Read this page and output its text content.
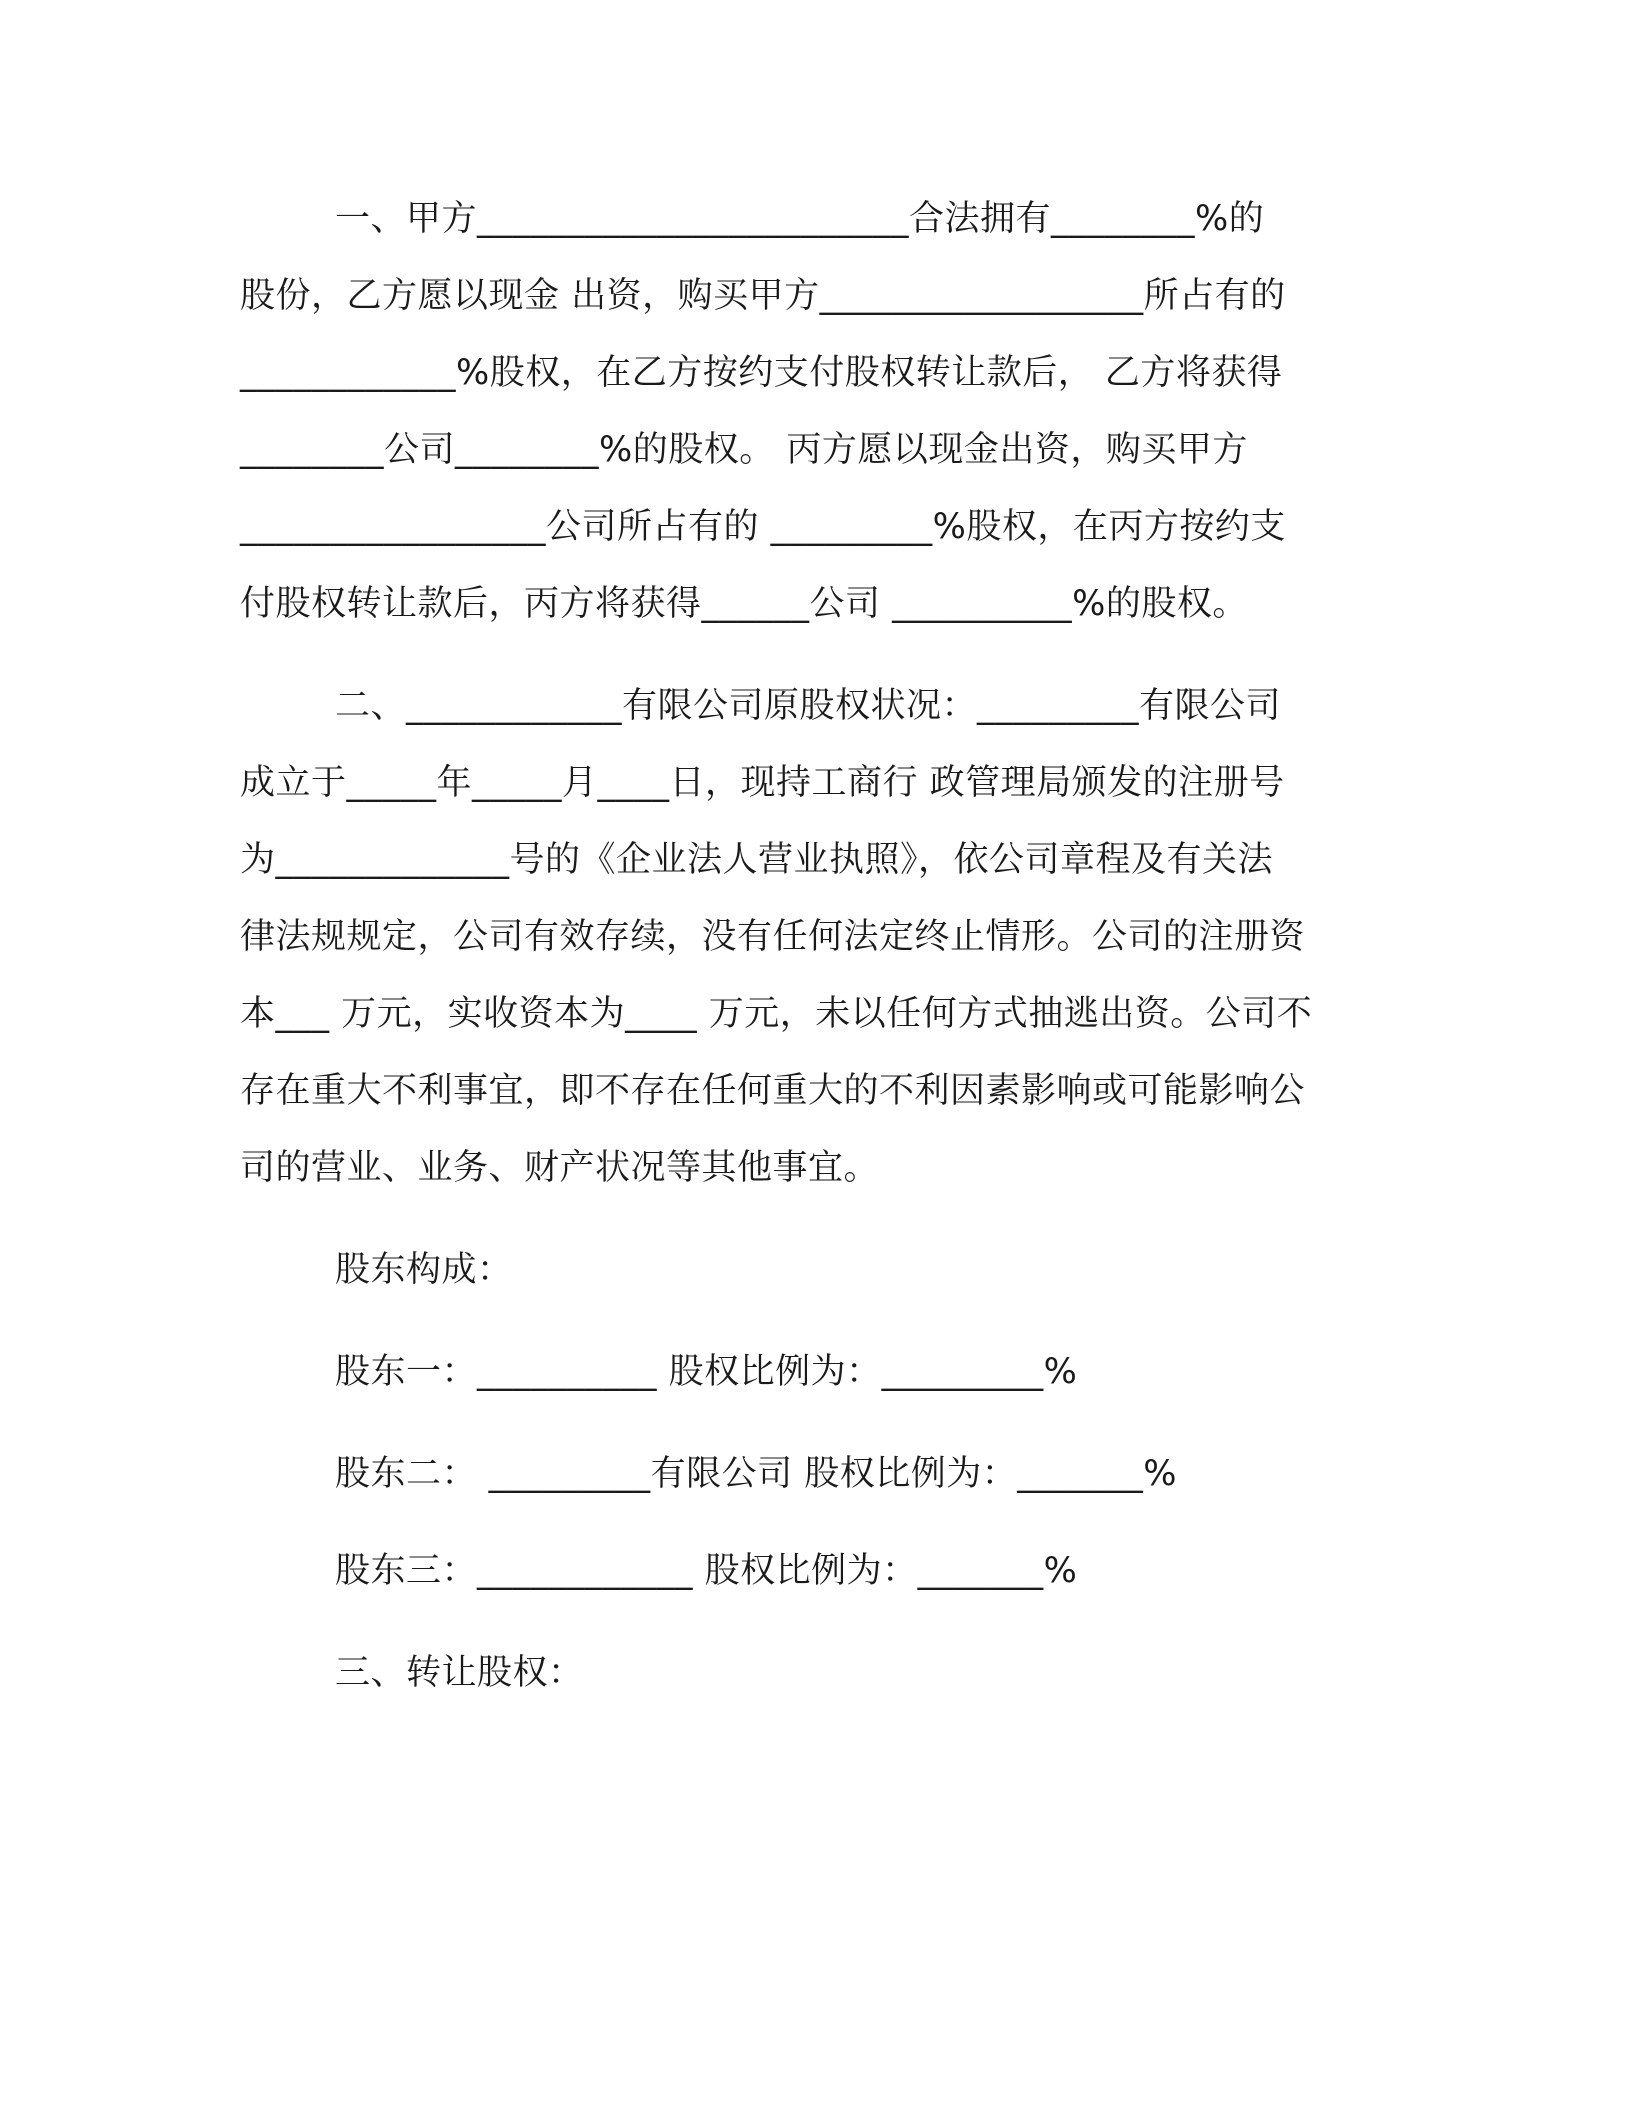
一、甲方________________________合法拥有________%的
股份，乙方愿以现金 出资，购买甲方__________________所占有的
____________%股权，在乙方按约支付股权转让款后， 乙方将获得
________公司________%的股权。 丙方愿以现金出资，购买甲方
_________________公司所占有的 _________%股权，在丙方按约支
付股权转让款后，丙方将获得______公司 __________%的股权。
二、____________有限公司原股权状况：_________有限公司
成立于_____年_____月____日，现持工商行 政管理局颁发的注册号
为_____________号的《企业法人营业执照》，依公司章程及有关法
律法规规定，公司有效存续，没有任何法定终止情形。公司的注册资
本___ 万元，实收资本为____ 万元，未以任何方式抽逃出资。公司不
存在重大不利事宜，即不存在任何重大的不利因素影响或可能影响公
司的营业、业务、财产状况等其他事宜。
股东构成：
股东一：__________ 股权比例为：_________%
股东二： _________有限公司 股权比例为：_______%
股东三：____________ 股权比例为：_______%
三、转让股权：
